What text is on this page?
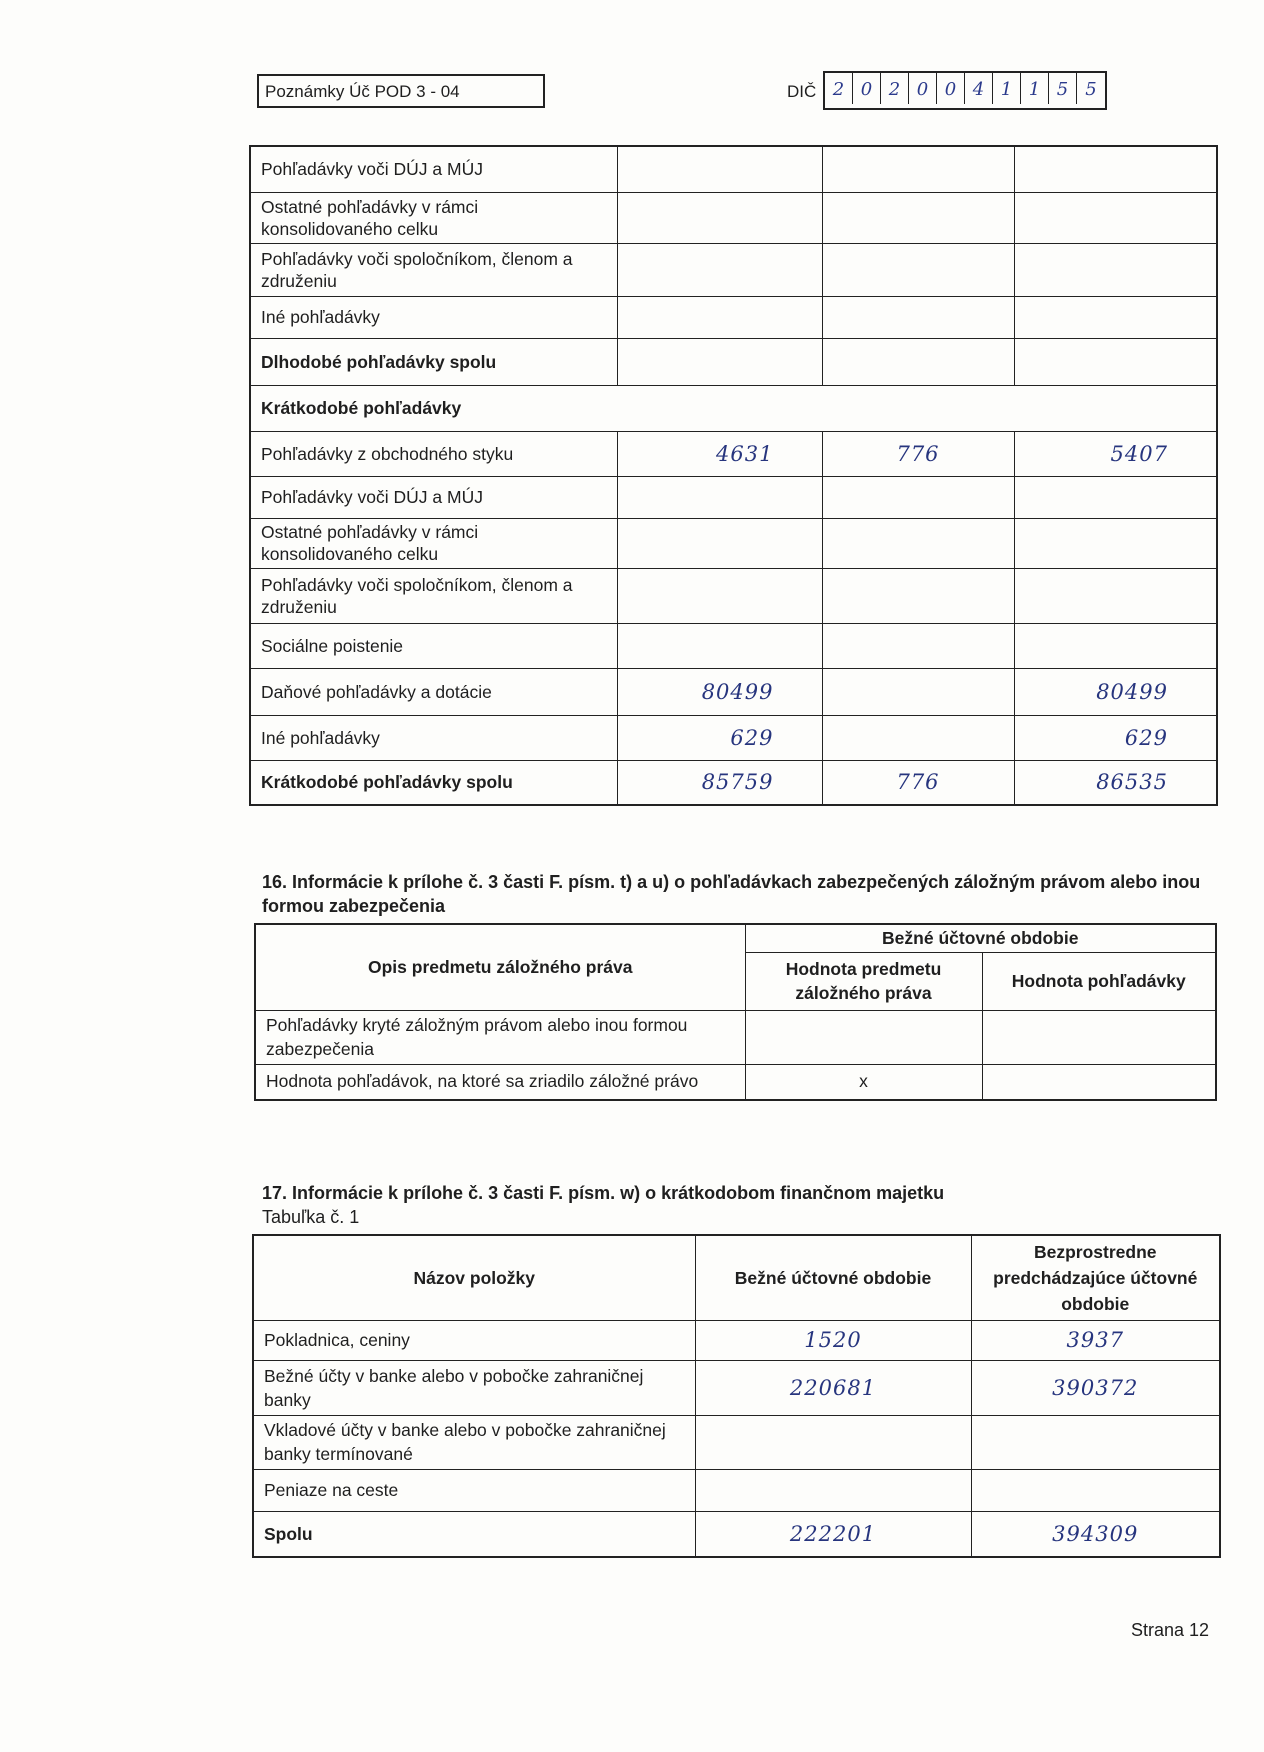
Poznámky Úč POD 3 - 04	DIČ 2 0 2 0 0 4 1 1 5 5
Pohľadávky voči DÚJ a MÚJ			
Ostatné pohľadávky v rámci konsolidovaného celku			
Pohľadávky voči spoločníkom, členom a združeniu			
Iné pohľadávky			
Dlhodobé pohľadávky spolu			
Krátkodobé pohľadávky			
Pohľadávky z obchodného styku	4631	776	5407
Pohľadávky voči DÚJ a MÚJ			
Ostatné pohľadávky v rámci konsolidovaného celku			
Pohľadávky voči spoločníkom, členom a združeniu			
Sociálne poistenie			
Daňové pohľadávky a dotácie	80499		80499
Iné pohľadávky	629		629
Krátkodobé pohľadávky spolu	85759	776	86535
16. Informácie k prílohe č. 3 časti F. písm. t) a u) o pohľadávkach zabezpečených záložným právom alebo inou formou zabezpečenia
Opis predmetu záložného práva	Bežné účtovné obdobie	
	Hodnota predmetu záložného práva	Hodnota pohľadávky
Pohľadávky kryté záložným právom alebo inou formou zabezpečenia		
Hodnota pohľadávok, na ktoré sa zriadilo záložné právo	x	
17. Informácie k prílohe č. 3 časti F. písm. w) o krátkodobom finančnom majetku
Tabuľka č. 1
Názov položky	Bežné účtovné obdobie	Bezprostredne predchádzajúce účtovné obdobie
Pokladnica, ceniny	1520	3937
Bežné účty v banke alebo v pobočke zahraničnej banky	220681	390372
Vkladové účty v banke alebo v pobočke zahraničnej banky termínované		
Peniaze na ceste		
Spolu	222201	394309
Strana 12
